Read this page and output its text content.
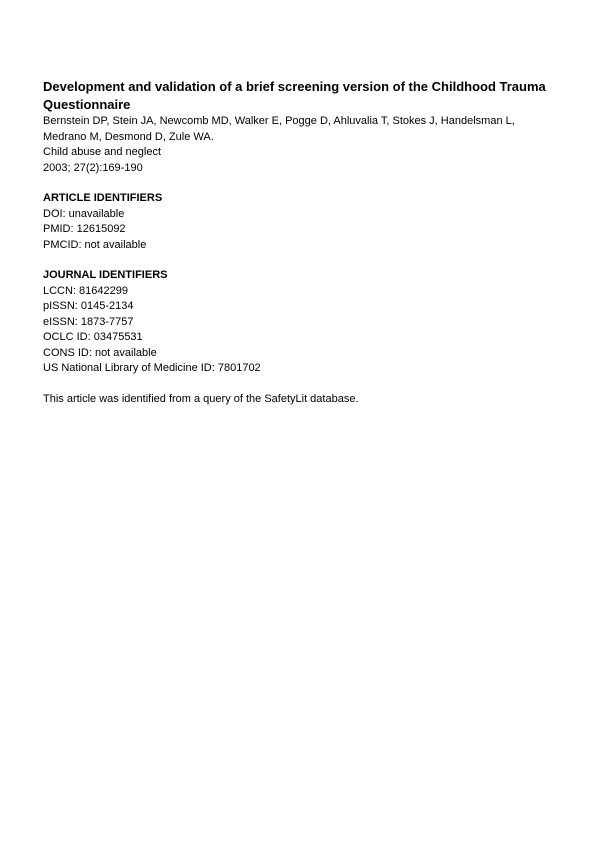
Development and validation of a brief screening version of the Childhood Trauma Questionnaire

Bernstein DP, Stein JA, Newcomb MD, Walker E, Pogge D, Ahluvalia T, Stokes J, Handelsman L, Medrano M, Desmond D, Zule WA.

Child abuse and neglect

2003; 27(2):169-190

ARTICLE IDENTIFIERS

DOI: unavailable

PMID: 12615092

PMCID: not available

JOURNAL IDENTIFIERS

LCCN: 81642299

pISSN: 0145-2134

eISSN: 1873-7757

OCLC ID: 03475531

CONS ID: not available

US National Library of Medicine ID: 7801702

This article was identified from a query of the SafetyLit database.
